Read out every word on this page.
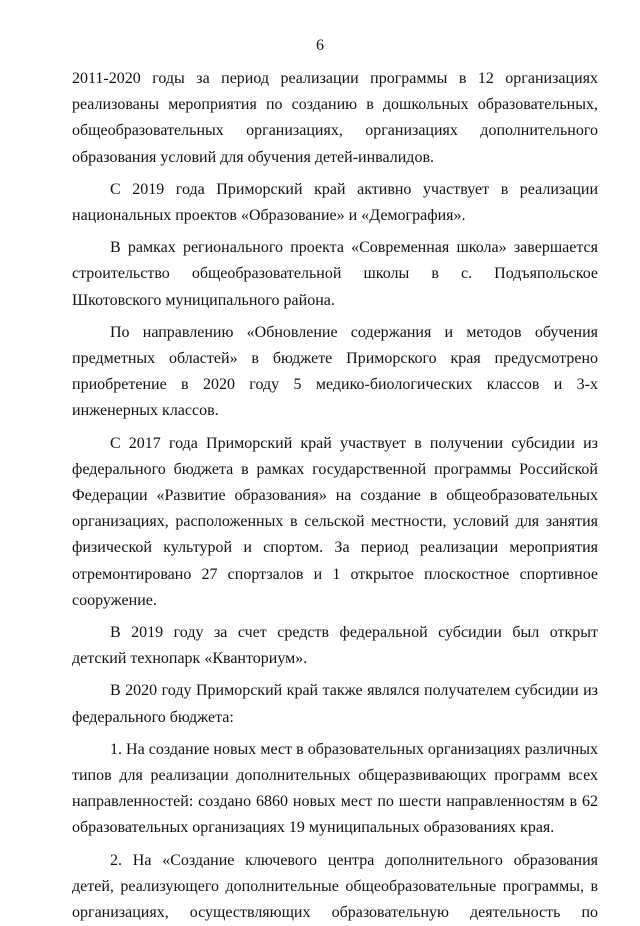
6

2011-2020 годы за период реализации программы в 12 организациях реализованы мероприятия по созданию в дошкольных образовательных, общеобразовательных организациях, организациях дополнительного образования условий для обучения детей-инвалидов.

С 2019 года Приморский край активно участвует в реализации национальных проектов «Образование» и «Демография».

В рамках регионального проекта «Современная школа» завершается строительство общеобразовательной школы в с. Подъяпольское Шкотовского муниципального района.

По направлению «Обновление содержания и методов обучения предметных областей» в бюджете Приморского края предусмотрено приобретение в 2020 году 5 медико-биологических классов и 3-х инженерных классов.

С 2017 года Приморский край участвует в получении субсидии из федерального бюджета в рамках государственной программы Российской Федерации «Развитие образования» на создание в общеобразовательных организациях, расположенных в сельской местности, условий для занятия физической культурой и спортом. За период реализации мероприятия отремонтировано 27 спортзалов и 1 открытое плоскостное спортивное сооружение.

В 2019 году за счет средств федеральной субсидии был открыт детский технопарк «Кванториум».

В 2020 году Приморский край также являлся получателем субсидии из федерального бюджета:

1. На создание новых мест в образовательных организациях различных типов для реализации дополнительных общеразвивающих программ всех направленностей: создано 6860 новых мест по шести направленностям в 62 образовательных организациях 19 муниципальных образованиях края.

2. На «Создание ключевого центра дополнительного образования детей, реализующего дополнительные общеобразовательные программы, в организациях, осуществляющих образовательную деятельность по
